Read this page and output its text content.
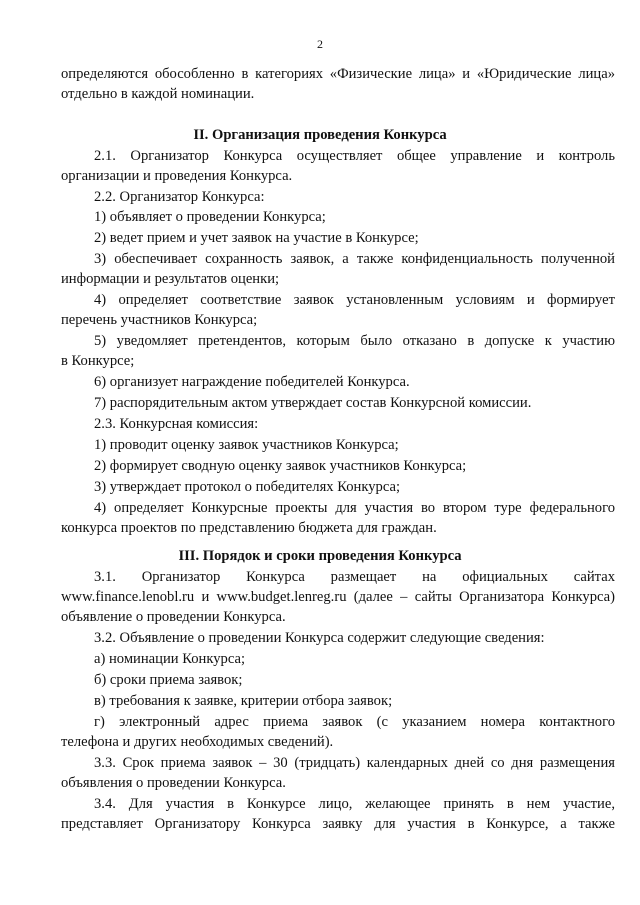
2
определяются обособленно в категориях «Физические лица» и «Юридические лица»
отдельно в каждой номинации.
II. Организация проведения Конкурса
2.1. Организатор Конкурса осуществляет общее управление и контроль
организации и проведения Конкурса.
2.2. Организатор Конкурса:
1) объявляет о проведении Конкурса;
2) ведет прием и учет заявок на участие в Конкурсе;
3) обеспечивает сохранность заявок, а также конфиденциальность полученной
информации и результатов оценки;
4) определяет соответствие заявок установленным условиям и формирует
перечень участников Конкурса;
5) уведомляет претендентов, которым было отказано в допуске к участию
в Конкурсе;
6) организует награждение победителей Конкурса.
7) распорядительным актом утверждает состав Конкурсной комиссии.
2.3. Конкурсная комиссия:
1) проводит оценку заявок участников Конкурса;
2) формирует сводную оценку заявок участников Конкурса;
3) утверждает протокол о победителях Конкурса;
4) определяет Конкурсные проекты для участия во втором туре федерального
конкурса проектов по представлению бюджета для граждан.
III. Порядок и сроки проведения Конкурса
3.1. Организатор Конкурса размещает на официальных сайтах
www.finance.lenobl.ru и www.budget.lenreg.ru (далее – сайты Организатора Конкурса)
объявление о проведении Конкурса.
3.2. Объявление о проведении Конкурса содержит следующие сведения:
а) номинации Конкурса;
б) сроки приема заявок;
в) требования к заявке, критерии отбора заявок;
г) электронный адрес приема заявок (с указанием номера контактного
телефона и других необходимых сведений).
3.3. Срок приема заявок – 30 (тридцать) календарных дней со дня размещения
объявления о проведении Конкурса.
3.4. Для участия в Конкурсе лицо, желающее принять в нем участие,
представляет Организатору Конкурса заявку для участия в Конкурсе, а также
